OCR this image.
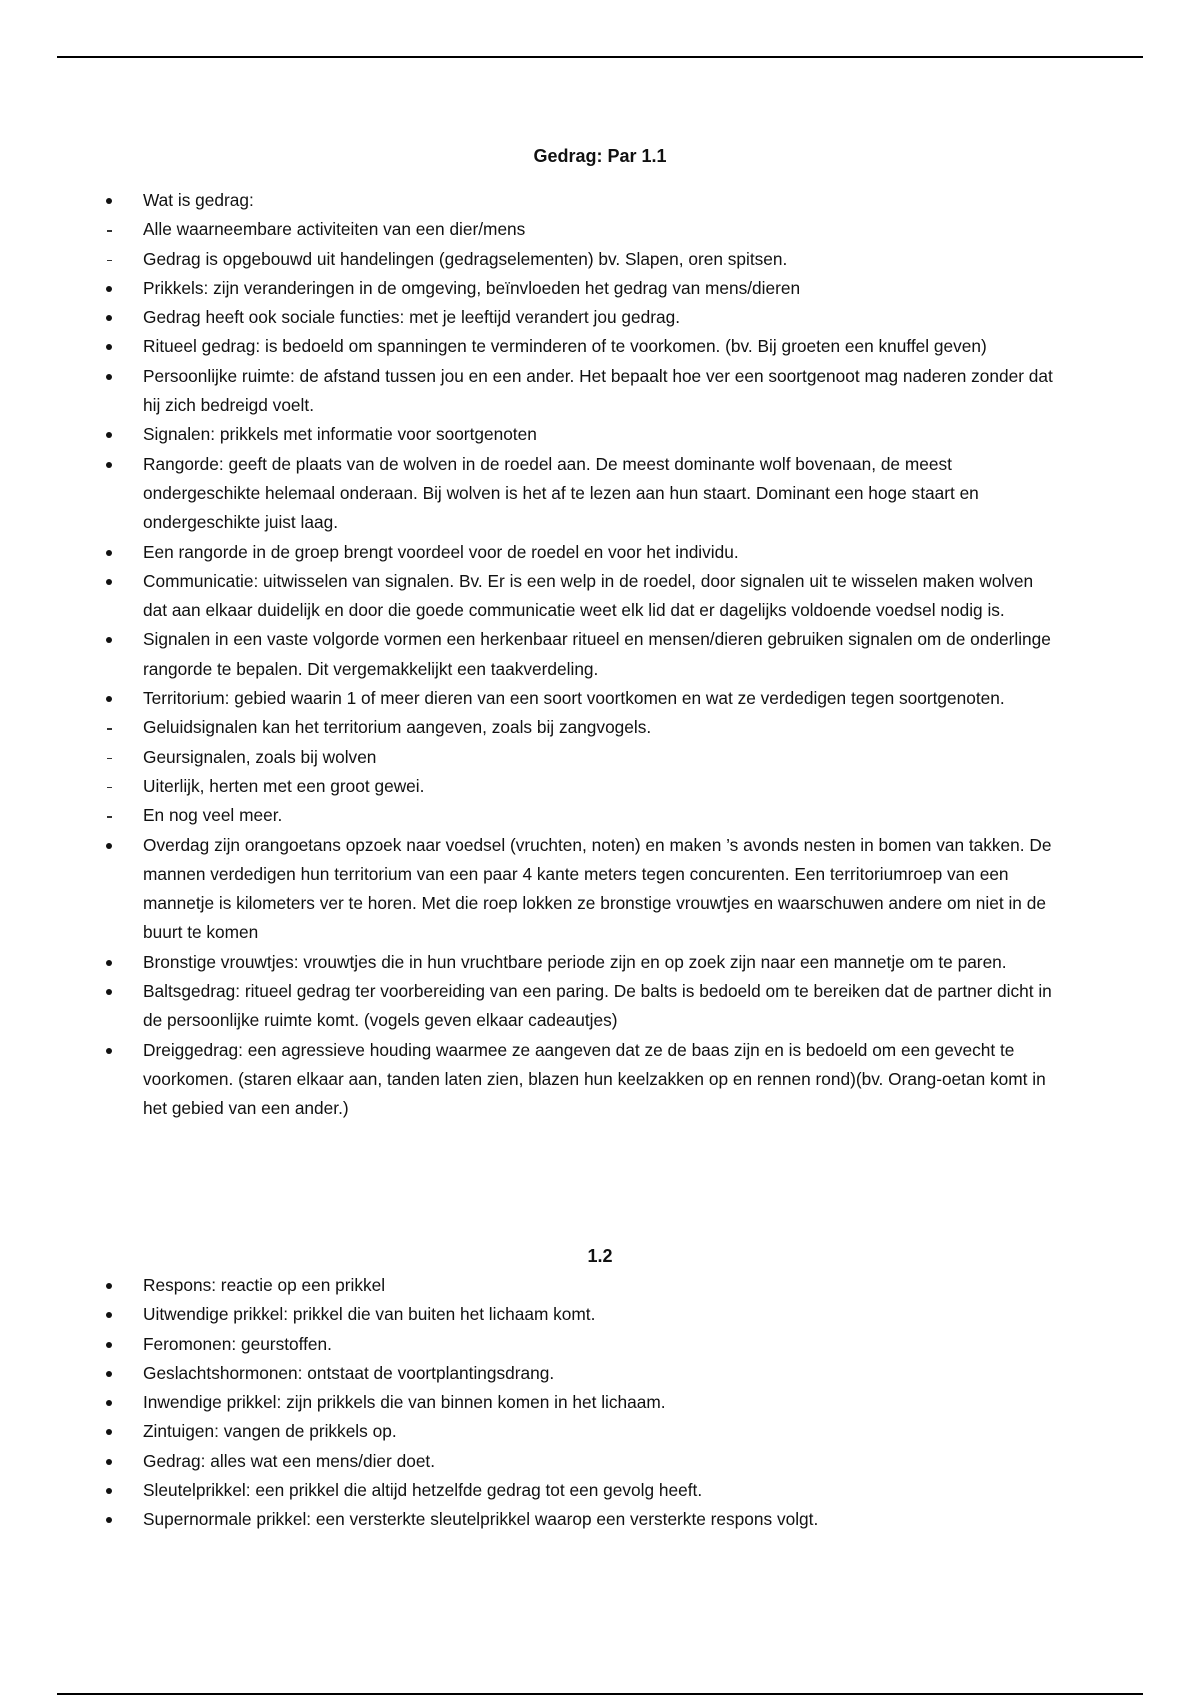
Gedrag: Par 1.1
Wat is gedrag:
Alle waarneembare activiteiten van een dier/mens
Gedrag is opgebouwd uit handelingen (gedragselementen) bv. Slapen, oren spitsen.
Prikkels: zijn veranderingen in de omgeving, beïnvloeden het gedrag van mens/dieren
Gedrag heeft ook sociale functies: met je leeftijd verandert jou gedrag.
Ritueel gedrag: is bedoeld om spanningen te verminderen of te voorkomen. (bv. Bij groeten een knuffel geven)
Persoonlijke ruimte: de afstand tussen jou en een ander. Het bepaalt hoe ver een soortgenoot mag naderen zonder dat hij zich bedreigd voelt.
Signalen: prikkels met informatie voor soortgenoten
Rangorde: geeft de plaats van de wolven in de roedel aan. De meest dominante wolf bovenaan, de meest ondergeschikte helemaal onderaan. Bij wolven is het af te lezen aan hun staart. Dominant een hoge staart en ondergeschikte juist laag.
Een rangorde in de groep brengt voordeel voor de roedel en voor het individu.
Communicatie: uitwisselen van signalen. Bv. Er is een welp in de roedel, door signalen uit te wisselen maken wolven dat aan elkaar duidelijk en door die goede communicatie weet elk lid dat er dagelijks voldoende voedsel nodig is.
Signalen in een vaste volgorde vormen een herkenbaar ritueel en mensen/dieren gebruiken signalen om de onderlinge rangorde te bepalen. Dit vergemakkelijkt een taakverdeling.
Territorium: gebied waarin 1 of meer dieren van een soort voortkomen en wat ze verdedigen tegen soortgenoten.
Geluidsignalen kan het territorium aangeven, zoals bij zangvogels.
Geursignalen, zoals bij wolven
Uiterlijk, herten met een groot gewei.
En nog veel meer.
Overdag zijn orangoetans opzoek naar voedsel (vruchten, noten) en maken ’s avonds nesten in bomen van takken. De mannen verdedigen hun territorium van een paar 4 kante meters tegen concurenten. Een territoriumroep van een mannetje is kilometers ver te horen. Met die roep lokken ze bronstige vrouwtjes en waarschuwen andere om niet in de buurt te komen
Bronstige vrouwtjes: vrouwtjes die in hun vruchtbare periode zijn en op zoek zijn naar een mannetje om te paren.
Baltsgedrag: ritueel gedrag ter voorbereiding van een paring. De balts is bedoeld om te bereiken dat de partner dicht in de persoonlijke ruimte komt. (vogels geven elkaar cadeautjes)
Dreiggedrag: een agressieve houding waarmee ze aangeven dat ze de baas zijn en is bedoeld om een gevecht te voorkomen. (staren elkaar aan, tanden laten zien, blazen hun keelzakken op en rennen rond)(bv. Orang-oetan komt in het gebied van een ander.)
1.2
Respons: reactie op een prikkel
Uitwendige prikkel: prikkel die van buiten het lichaam komt.
Feromonen: geurstoffen.
Geslachtshormonen: ontstaat de voortplantingsdrang.
Inwendige prikkel: zijn prikkels die van binnen komen in het lichaam.
Zintuigen: vangen de prikkels op.
Gedrag: alles wat een mens/dier doet.
Sleutelprikkel: een prikkel die altijd hetzelfde gedrag tot een gevolg heeft.
Supernormale prikkel: een versterkte sleutelprikkel waarop een versterkte respons volgt.
